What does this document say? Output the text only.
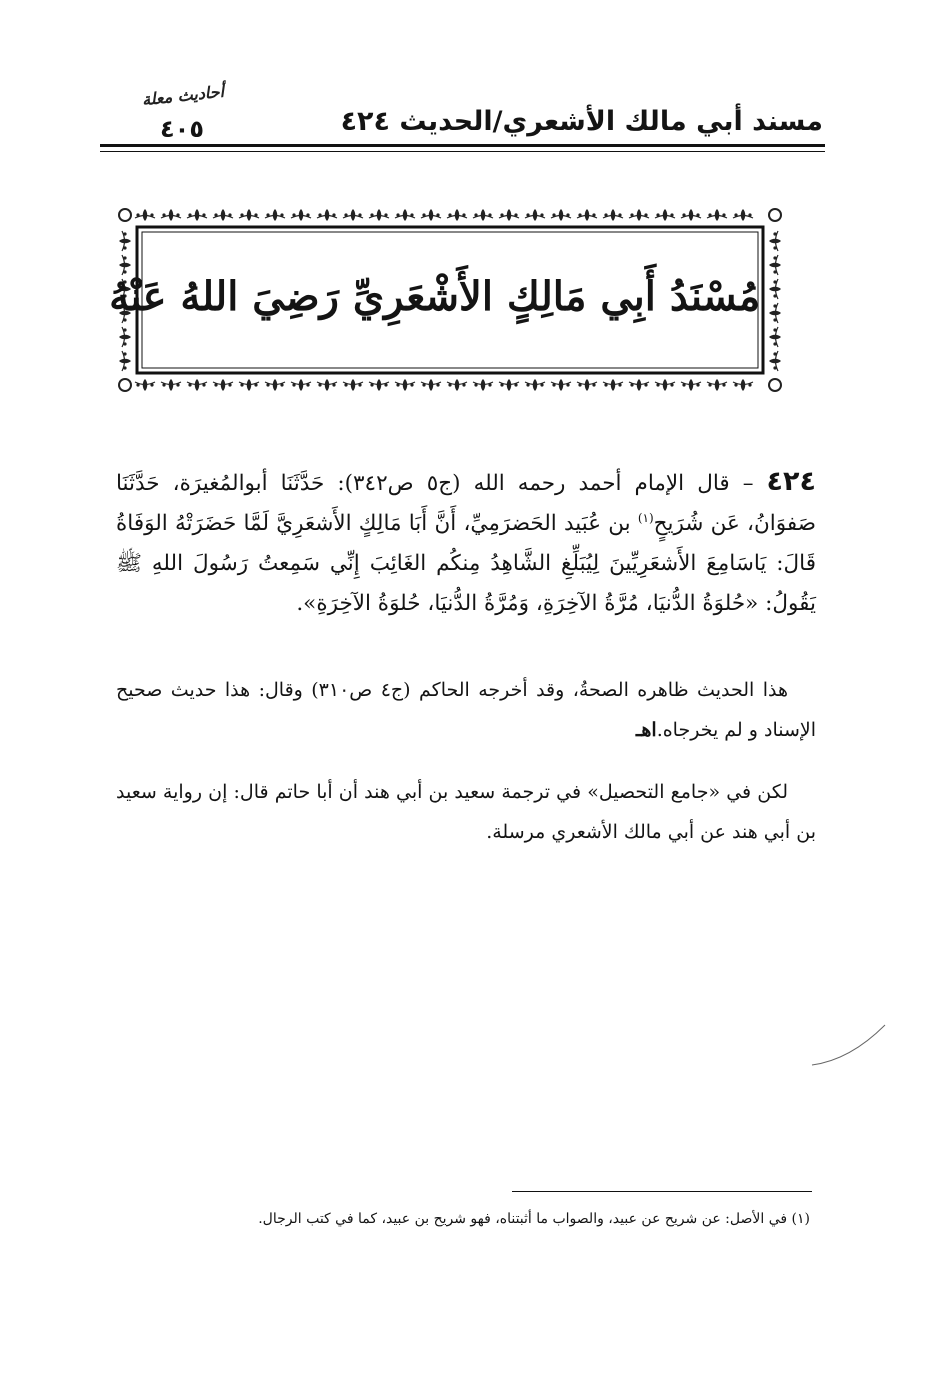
مسند أبي مالك الأشعري/الحديث ٤٢٤
أحاديث معلة
٤٠٥
مُسْنَدُ أَبِي مَالِكٍ الأَشْعَرِيِّ رَضِيَ اللهُ عَنْهُ
٤٢٤ – قال الإمام أحمد رحمه الله (ج٥ ص٣٤٢): حَدَّثَنَا أبوالمُغيرَة، حَدَّثَنَا صَفوَانُ، عَن شُرَيحٍ$^{(١)}$ بن عُبَيد الحَضرَمِيِّ، أَنَّ أَبَا مَالِكٍ الأَشعَرِيَّ لَمَّا حَضَرَتْهُ الوَفَاةُ قَالَ: يَاسَامِعَ الأَشعَرِيِّينَ لِيُبَلِّغِ الشَّاهِدُ مِنكُم الغَائِبَ إِنِّي سَمِعتُ رَسُولَ اللهِ ﷺ يَقُولُ: «حُلوَةُ الدُّنيَا، مُرَّةُ الآخِرَةِ، وَمُرَّةُ الدُّنيَا، حُلوَةُ الآخِرَةِ».
هذا الحديث ظاهره الصحةُ، وقد أخرجه الحاكم (ج٤ ص٣١٠) وقال: هذا حديث صحيح الإسناد و لم يخرجاه.اهـ
لكن في «جامع التحصيل» في ترجمة سعيد بن أبي هند أن أبا حاتم قال: إن رواية سعيد بن أبي هند عن أبي مالك الأشعري مرسلة.
(١) في الأصل: عن شريح عن عبيد، والصواب ما أثبتناه، فهو شريح بن عبيد، كما في كتب الرجال.
